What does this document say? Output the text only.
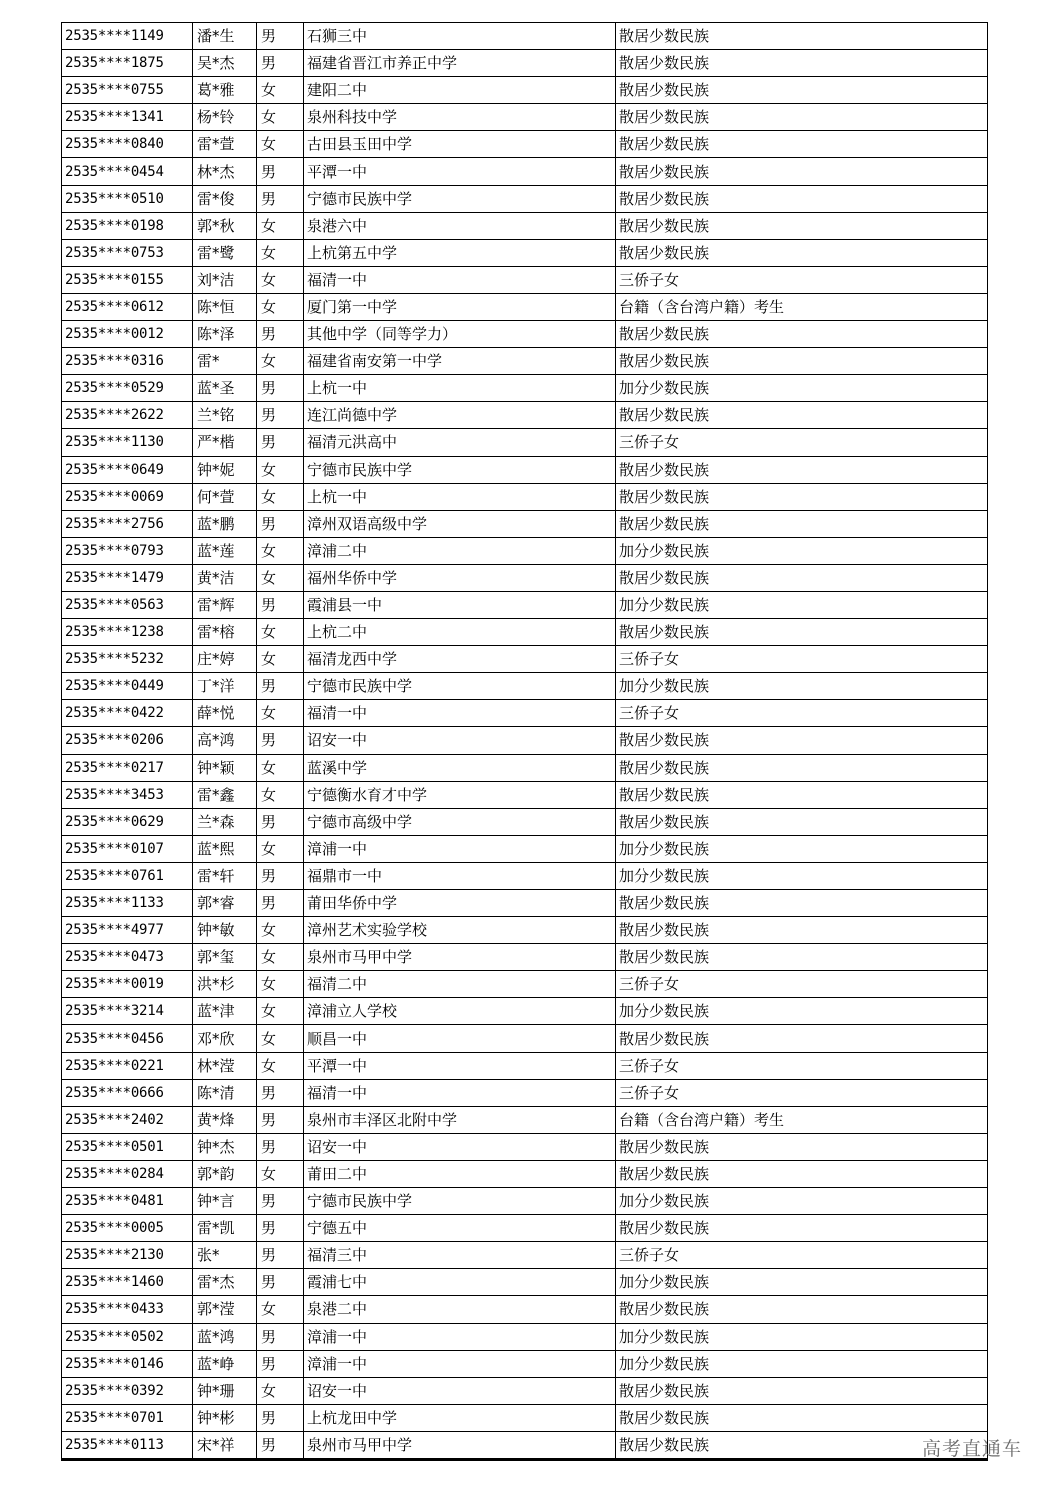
2535****1149	潘*生	男	石狮三中	散居少数民族
2535****1875	吴*杰	男	福建省晋江市养正中学	散居少数民族
2535****0755	葛*雅	女	建阳二中	散居少数民族
2535****1341	杨*铃	女	泉州科技中学	散居少数民族
2535****0840	雷*萱	女	古田县玉田中学	散居少数民族
2535****0454	林*杰	男	平潭一中	散居少数民族
2535****0510	雷*俊	男	宁德市民族中学	散居少数民族
2535****0198	郭*秋	女	泉港六中	散居少数民族
2535****0753	雷*鹭	女	上杭第五中学	散居少数民族
2535****0155	刘*洁	女	福清一中	三侨子女
2535****0612	陈*恒	女	厦门第一中学	台籍（含台湾户籍）考生
2535****0012	陈*泽	男	其他中学（同等学力）	散居少数民族
2535****0316	雷*	女	福建省南安第一中学	散居少数民族
2535****0529	蓝*圣	男	上杭一中	加分少数民族
2535****2622	兰*铭	男	连江尚德中学	散居少数民族
2535****1130	严*楷	男	福清元洪高中	三侨子女
2535****0649	钟*妮	女	宁德市民族中学	散居少数民族
2535****0069	何*萱	女	上杭一中	散居少数民族
2535****2756	蓝*鹏	男	漳州双语高级中学	散居少数民族
2535****0793	蓝*莲	女	漳浦二中	加分少数民族
2535****1479	黄*洁	女	福州华侨中学	散居少数民族
2535****0563	雷*辉	男	霞浦县一中	加分少数民族
2535****1238	雷*榕	女	上杭二中	散居少数民族
2535****5232	庄*婷	女	福清龙西中学	三侨子女
2535****0449	丁*洋	男	宁德市民族中学	加分少数民族
2535****0422	薛*悦	女	福清一中	三侨子女
2535****0206	高*鸿	男	诏安一中	散居少数民族
2535****0217	钟*颖	女	蓝溪中学	散居少数民族
2535****3453	雷*鑫	女	宁德衡水育才中学	散居少数民族
2535****0629	兰*森	男	宁德市高级中学	散居少数民族
2535****0107	蓝*熙	女	漳浦一中	加分少数民族
2535****0761	雷*轩	男	福鼎市一中	加分少数民族
2535****1133	郭*睿	男	莆田华侨中学	散居少数民族
2535****4977	钟*敏	女	漳州艺术实验学校	散居少数民族
2535****0473	郭*玺	女	泉州市马甲中学	散居少数民族
2535****0019	洪*杉	女	福清二中	三侨子女
2535****3214	蓝*津	女	漳浦立人学校	加分少数民族
2535****0456	邓*欣	女	顺昌一中	散居少数民族
2535****0221	林*滢	女	平潭一中	三侨子女
2535****0666	陈*清	男	福清一中	三侨子女
2535****2402	黄*烽	男	泉州市丰泽区北附中学	台籍（含台湾户籍）考生
2535****0501	钟*杰	男	诏安一中	散居少数民族
2535****0284	郭*韵	女	莆田二中	散居少数民族
2535****0481	钟*言	男	宁德市民族中学	加分少数民族
2535****0005	雷*凯	男	宁德五中	散居少数民族
2535****2130	张*	男	福清三中	三侨子女
2535****1460	雷*杰	男	霞浦七中	加分少数民族
2535****0433	郭*滢	女	泉港二中	散居少数民族
2535****0502	蓝*鸿	男	漳浦一中	加分少数民族
2535****0146	蓝*峥	男	漳浦一中	加分少数民族
2535****0392	钟*珊	女	诏安一中	散居少数民族
2535****0701	钟*彬	男	上杭龙田中学	散居少数民族
2535****0113	宋*祥	男	泉州市马甲中学	散居少数民族	高考直通车
